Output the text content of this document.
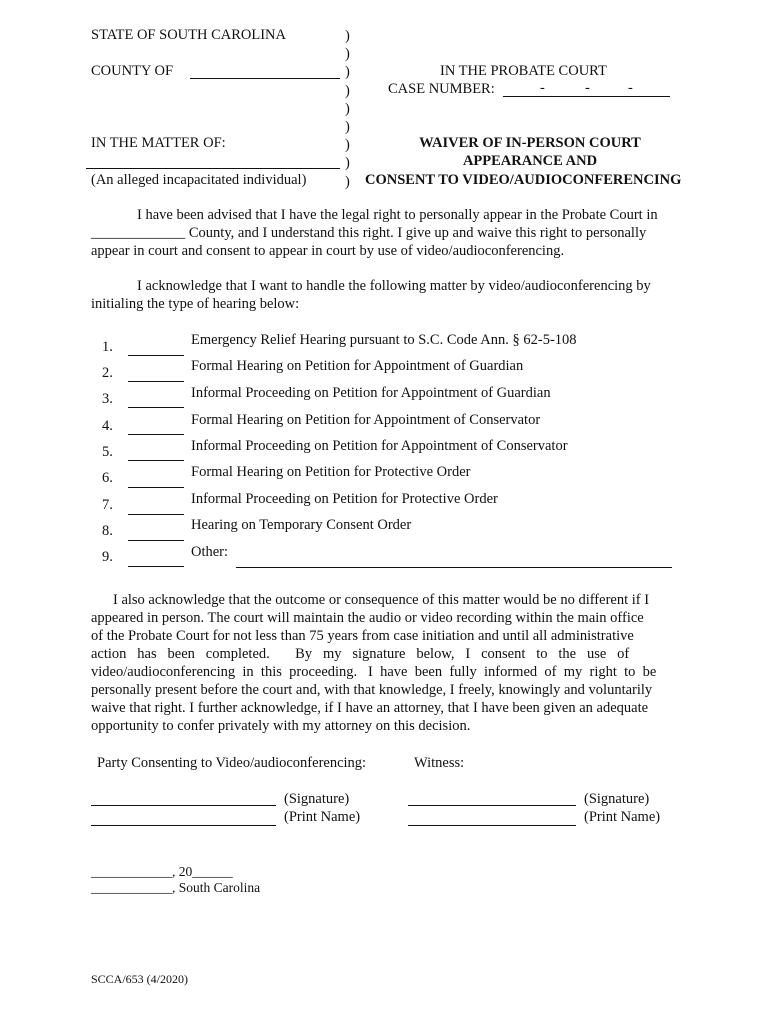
STATE OF SOUTH CAROLINA
COUNTY OF
IN THE MATTER OF:
(An alleged incapacitated individual)
)
)
)
)
)
)
)
)
)
IN THE PROBATE COURT
CASE NUMBER:	-	-	-
WAIVER OF IN-PERSON COURT
APPEARANCE AND
CONSENT TO VIDEO/AUDIOCONFERENCING
I have been advised that I have the legal right to personally appear in the Probate Court in
_____________ County, and I understand this right. I give up and waive this right to personally
appear in court and consent to appear in court by use of video/audioconferencing.
I acknowledge that I want to handle the following matter by video/audioconferencing by
initialing the type of hearing below:
1.	Emergency Relief Hearing pursuant to S.C. Code Ann. § 62-5-108
2.	Formal Hearing on Petition for Appointment of Guardian
3.	Informal Proceeding on Petition for Appointment of Guardian
4.	Formal Hearing on Petition for Appointment of Conservator
5.	Informal Proceeding on Petition for Appointment of Conservator
6.	Formal Hearing on Petition for Protective Order
7.	Informal Proceeding on Petition for Protective Order
8.	Hearing on Temporary Consent Order
9.	Other:
I also acknowledge that the outcome or consequence of this matter would be no different if I
appeared in person. The court will maintain the audio or video recording within the main office
of the Probate Court for not less than 75 years from case initiation and until all administrative
action   has   been   completed.       By   my   signature   below,   I   consent   to   the   use   of
video/audioconferencing  in  this  proceeding.   I  have  been  fully  informed  of  my  right  to  be
personally present before the court and, with that knowledge, I freely, knowingly and voluntarily
waive that right. I further acknowledge, if I have an attorney, that I have been given an adequate
opportunity to confer privately with my attorney on this decision.
Party Consenting to Video/audioconferencing:	Witness:
(Signature)
(Print Name)
(Signature)
(Print Name)
____________, 20______
____________, South Carolina
SCCA/653 (4/2020)
